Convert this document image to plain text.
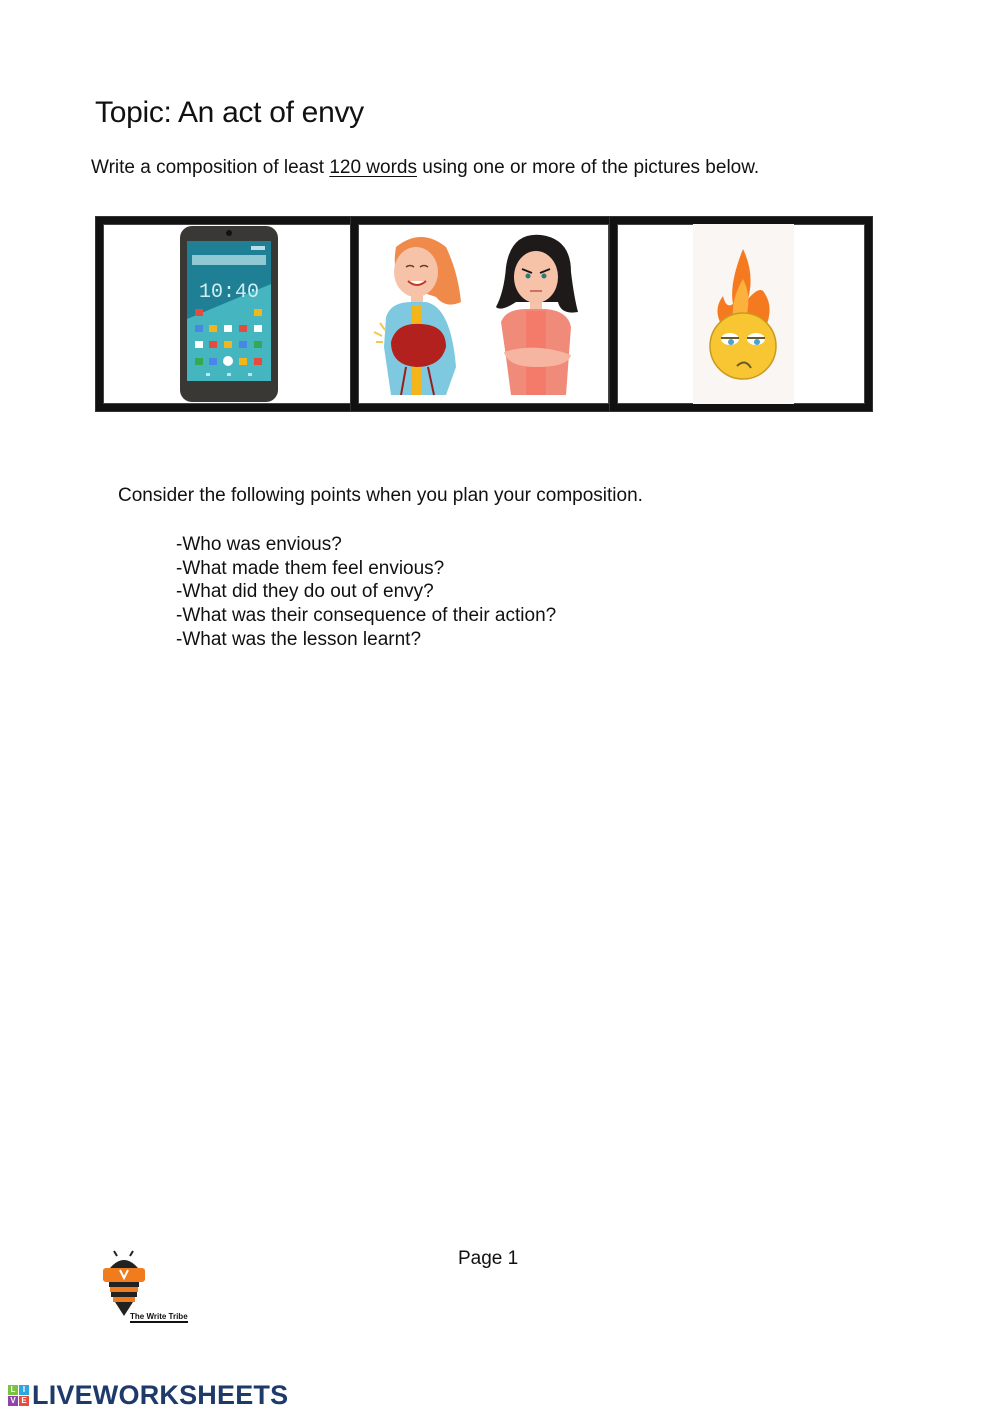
Topic: An act of envy
Write a composition of least 120 words using one or more of the pictures below.
10:40
Consider the following points when you plan your composition.
-Who was envious?
-What made them feel envious?
-What did they do out of envy?
-What was their consequence of their action?
-What was the lesson learnt?
Page 1
The Write Tribe
L I
V E LIVEWORKSHEETS
